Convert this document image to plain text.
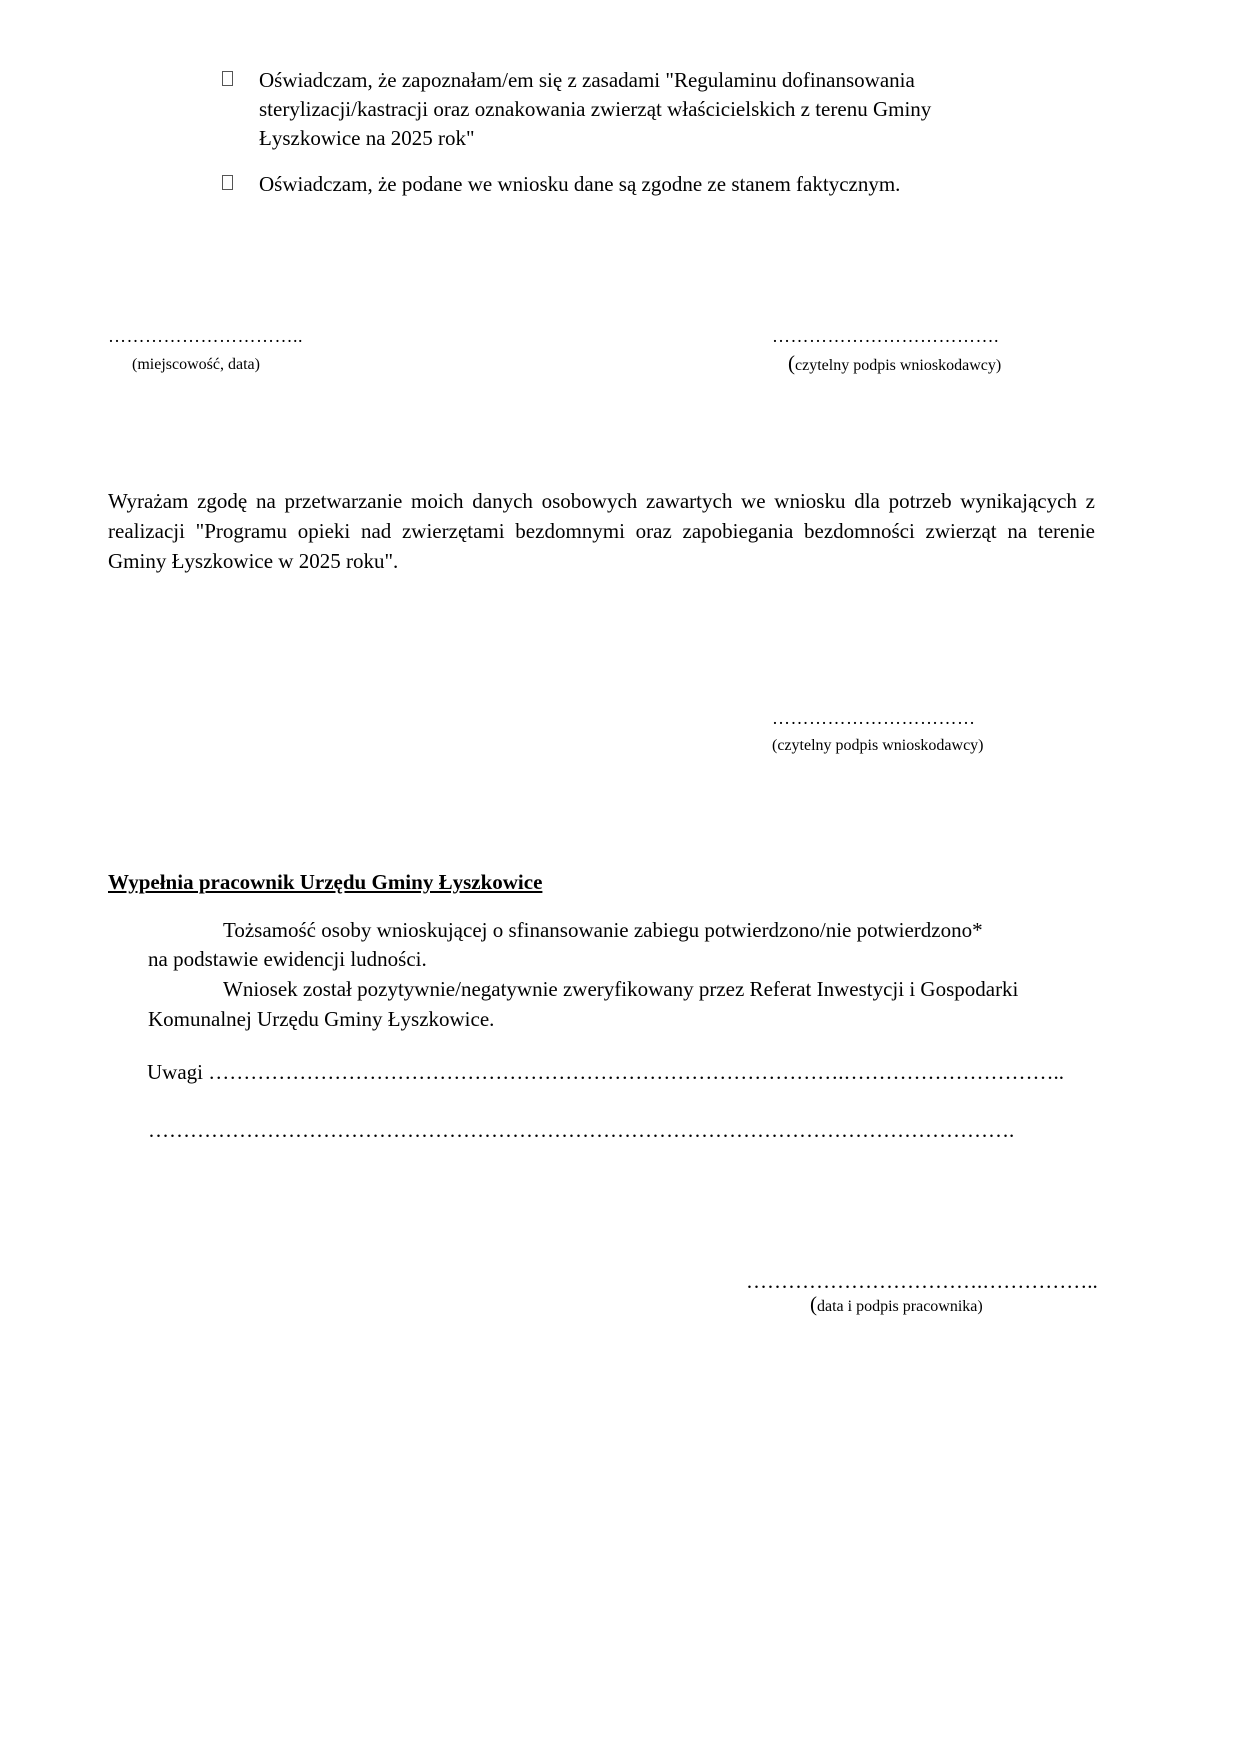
Oświadczam, że zapoznałam/em się z zasadami "Regulaminu dofinansowania sterylizacji/kastracji oraz oznakowania zwierząt właścicielskich z terenu Gminy Łyszkowice na 2025 rok"
Oświadczam, że podane we wniosku dane są zgodne ze stanem faktycznym.
…………………………..
(miejscowość, data)
……………………………….
(czytelny podpis wnioskodawcy)
Wyrażam zgodę na przetwarzanie moich danych osobowych zawartych we wniosku dla potrzeb wynikających z realizacji "Programu opieki nad zwierzętami bezdomnymi oraz zapobiegania bezdomności zwierząt na terenie Gminy Łyszkowice w 2025 roku".
……………………………
(czytelny podpis wnioskodawcy)
Wypełnia pracownik Urzędu Gminy Łyszkowice
Tożsamość osoby wnioskującej o sfinansowanie zabiegu potwierdzono/nie potwierdzono*
na podstawie ewidencji ludności.
Wniosek został pozytywnie/negatywnie zweryfikowany przez Referat Inwestycji i Gospodarki
Komunalnej Urzędu Gminy Łyszkowice.
Uwagi ……………………………………………………………………………….…………………………..
…………………………………………………………………………………………………………….
…………………………….……………..
(data i podpis pracownika)
